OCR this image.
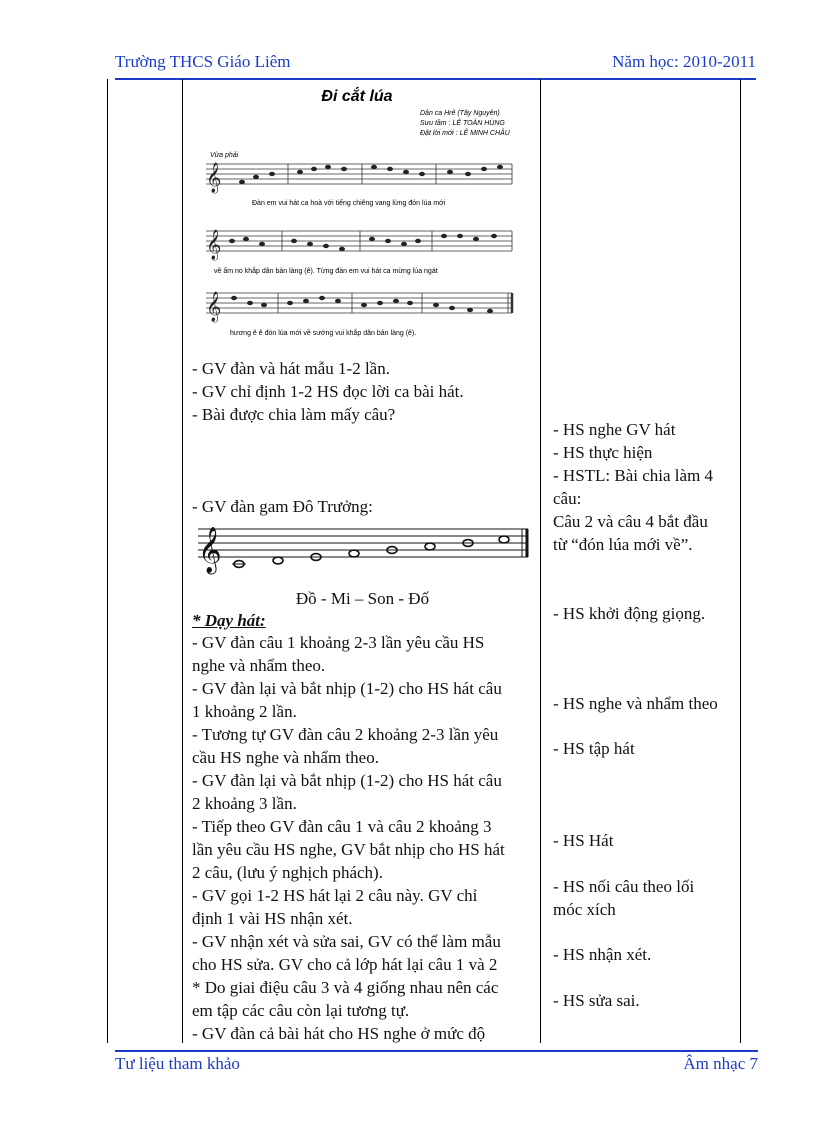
Trường THCS Giáo Liêm	Năm học: 2010-2011
Đi cắt lúa
Dân ca Hrê (Tây Nguyên)
Sưu tầm : LÊ TOÀN HÙNG
Đặt lời mới : LÊ MINH CHÂU
Vừa phải
𝄞
Đàn em vui hát ca hoà với tiếng chiêng vang lừng đón lúa mới
𝄞
về ấm no khắp dân bản làng (ê). Từng đàn em vui hát ca mừng lúa ngát
𝄞
hương ê ê đón lúa mới về sướng vui khắp dân bản làng (ê).
- GV đàn và hát mẫu 1-2 lần.
- GV chỉ định 1-2 HS đọc lời ca bài hát.
- Bài được chia làm mấy câu?
- GV đàn gam Đô Trưởng:
𝄞
Đồ - Mi – Son - Đố
* Dạy hát:
- GV đàn câu 1 khoảng 2-3 lần yêu cầu HS
nghe và nhẩm theo.
- GV đàn lại và bắt nhịp (1-2) cho HS hát câu
1 khoảng 2 lần.
- Tương tự GV đàn câu 2 khoảng 2-3 lần yêu
cầu HS nghe và nhẩm theo.
- GV đàn lại và bắt nhịp (1-2) cho HS hát câu
2 khoảng 3 lần.
- Tiếp theo GV đàn câu 1 và câu 2 khoảng 3
lần yêu cầu HS nghe, GV bắt nhịp cho HS hát
2 câu, (lưu ý nghịch phách).
- GV gọi 1-2 HS hát lại 2 câu này. GV chỉ
định 1 vài HS nhận xét.
- GV nhận xét và sửa sai, GV có thể làm mẫu
cho HS sửa. GV cho cả lớp hát lại câu 1 và 2
* Do giai điệu câu 3 và 4 giống nhau nên các
em tập các câu còn lại tương tự.
- GV đàn cả bài hát cho HS nghe ở mức độ
- HS nghe GV hát
- HS thực hiện
- HSTL: Bài chia làm 4
câu:
Câu 2 và câu 4 bắt đầu
từ “đón lúa mới về”.
- HS khởi động giọng.
- HS nghe và nhẩm theo
- HS tập hát
- HS Hát
- HS nối câu theo lối
móc xích
- HS nhận xét.
- HS sửa sai.
Tư liệu tham khảo	Âm nhạc 7
